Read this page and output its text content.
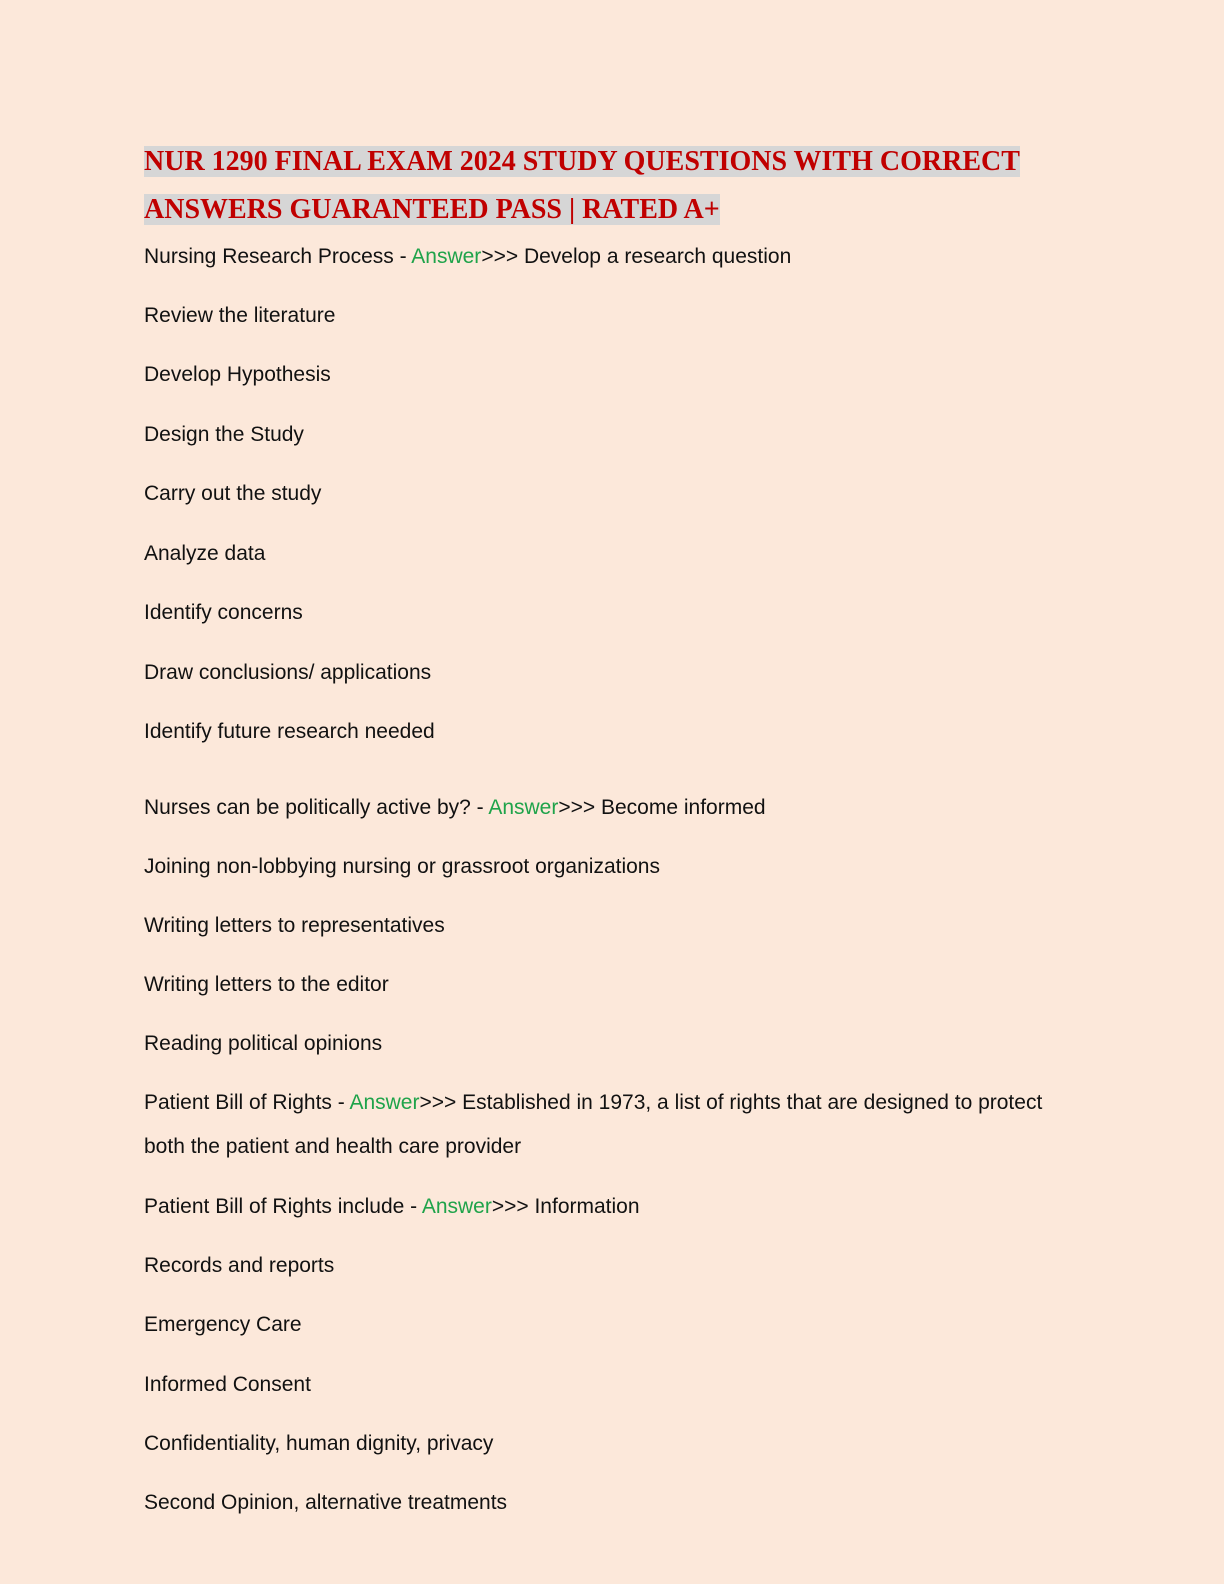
NUR 1290 FINAL EXAM 2024 STUDY QUESTIONS WITH CORRECT ANSWERS GUARANTEED PASS | RATED A+

Nursing Research Process - Answer>>> Develop a research question

Review the literature

Develop Hypothesis

Design the Study

Carry out the study

Analyze data

Identify concerns

Draw conclusions/ applications

Identify future research needed

Nurses can be politically active by? - Answer>>> Become informed

Joining non-lobbying nursing or grassroot organizations

Writing letters to representatives

Writing letters to the editor

Reading political opinions

Patient Bill of Rights - Answer>>> Established in 1973, a list of rights that are designed to protect both the patient and health care provider

Patient Bill of Rights include - Answer>>> Information

Records and reports

Emergency Care

Informed Consent

Confidentiality, human dignity, privacy

Second Opinion, alternative treatments
